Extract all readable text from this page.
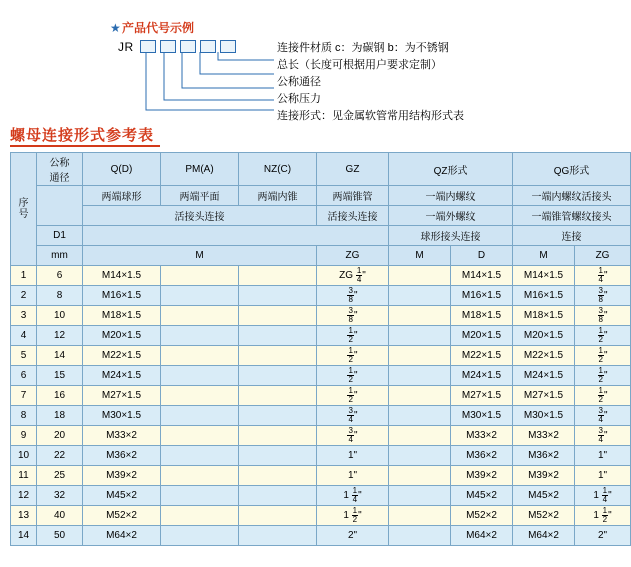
★ 产品代号示例
JR	连接件材质 c：为碳钢 b：为不锈钢
总长（长度可根据用户要求定制）
公称通径
公称压力
连接形式：见金属软管常用结构形式表
螺母连接形式参考表
序
号	公称
通径	Q(D)	PM(A)	NZ(C)	GZ	QZ形式		QG形式	
		两端球形	两端平面	两端内锥	两端锥管	一端内螺纹		一端内螺纹活接头	
		活接头连接			活接头连接	一端外螺纹		一端锥管螺纹接头	
	D1					球形接头连接		连接	
	mm	M			ZG	M	D	M	ZG
1	6	M14×1.5			ZG $\frac{1}{4}$ "		M14×1.5	M14×1.5	$\frac{1}{4}$ "
2	8	M16×1.5			$\frac{3}{8}$ "		M16×1.5	M16×1.5	$\frac{3}{8}$ "
3	10	M18×1.5			$\frac{3}{8}$ "		M18×1.5	M18×1.5	$\frac{3}{8}$ "
4	12	M20×1.5			$\frac{1}{2}$ "		M20×1.5	M20×1.5	$\frac{1}{2}$ "
5	14	M22×1.5			$\frac{1}{2}$ "		M22×1.5	M22×1.5	$\frac{1}{2}$ "
6	15	M24×1.5			$\frac{1}{2}$ "		M24×1.5	M24×1.5	$\frac{1}{2}$ "
7	16	M27×1.5			$\frac{1}{2}$ "		M27×1.5	M27×1.5	$\frac{1}{2}$ "
8	18	M30×1.5			$\frac{3}{4}$ "		M30×1.5	M30×1.5	$\frac{3}{4}$ "
9	20	M33×2			$\frac{3}{4}$ "		M33×2	M33×2	$\frac{3}{4}$ "
10	22	M36×2			1"		M36×2	M36×2	1"
11	25	M39×2			1"		M39×2	M39×2	1"
12	32	M45×2			$1 \frac{1}{4}$ "		M45×2	M45×2	$1 \frac{1}{4}$ "
13	40	M52×2			$1 \frac{1}{2}$ "		M52×2	M52×2	$1 \frac{1}{2}$ "
14	50	M64×2			2"		M64×2	M64×2	2"
